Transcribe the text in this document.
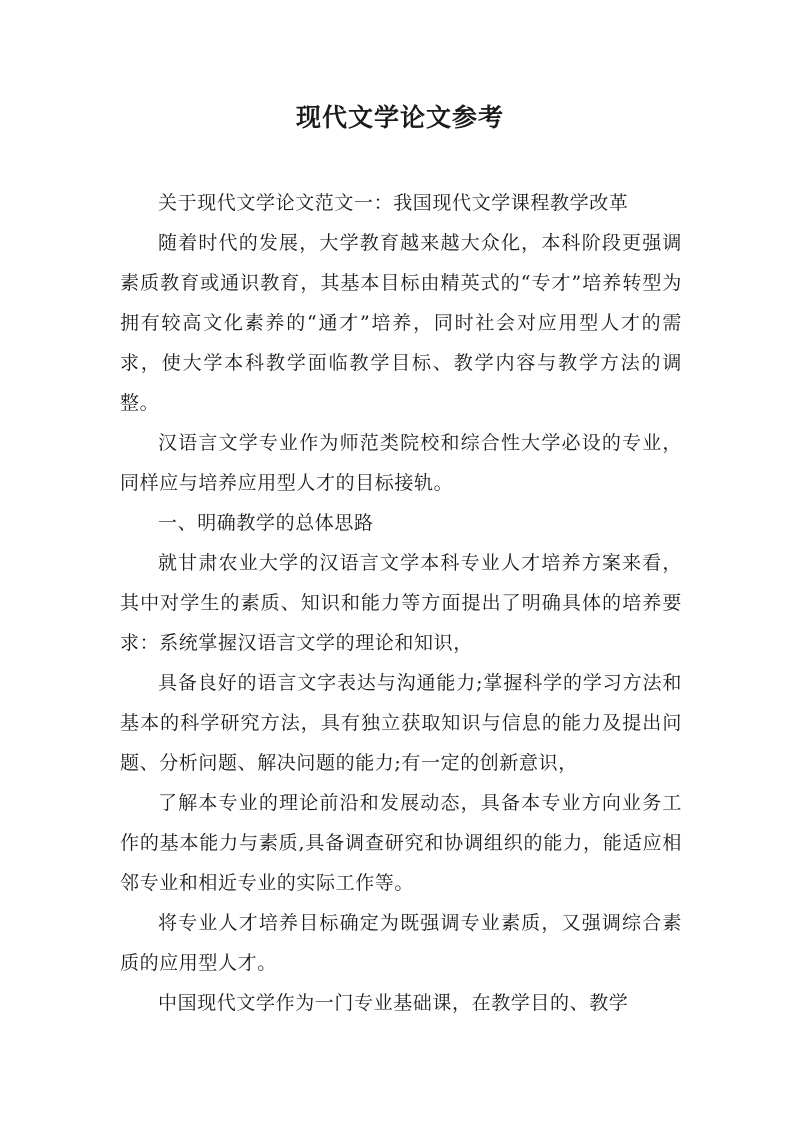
现代文学论文参考

关于现代文学论文范文一：我国现代文学课程教学改革

随着时代的发展，大学教育越来越大众化，本科阶段更强调素质教育或通识教育，其基本目标由精英式的“专才”培养转型为拥有较高文化素养的“通才”培养，同时社会对应用型人才的需求，使大学本科教学面临教学目标、教学内容与教学方法的调整。

汉语言文学专业作为师范类院校和综合性大学必设的专业，同样应与培养应用型人才的目标接轨。

一、明确教学的总体思路

就甘肃农业大学的汉语言文学本科专业人才培养方案来看，其中对学生的素质、知识和能力等方面提出了明确具体的培养要求：系统掌握汉语言文学的理论和知识，

具备良好的语言文字表达与沟通能力;掌握科学的学习方法和基本的科学研究方法，具有独立获取知识与信息的能力及提出问题、分析问题、解决问题的能力;有一定的创新意识，

了解本专业的理论前沿和发展动态，具备本专业方向业务工作的基本能力与素质,具备调查研究和协调组织的能力，能适应相邻专业和相近专业的实际工作等。

将专业人才培养目标确定为既强调专业素质，又强调综合素质的应用型人才。

中国现代文学作为一门专业基础课，在教学目的、教学
